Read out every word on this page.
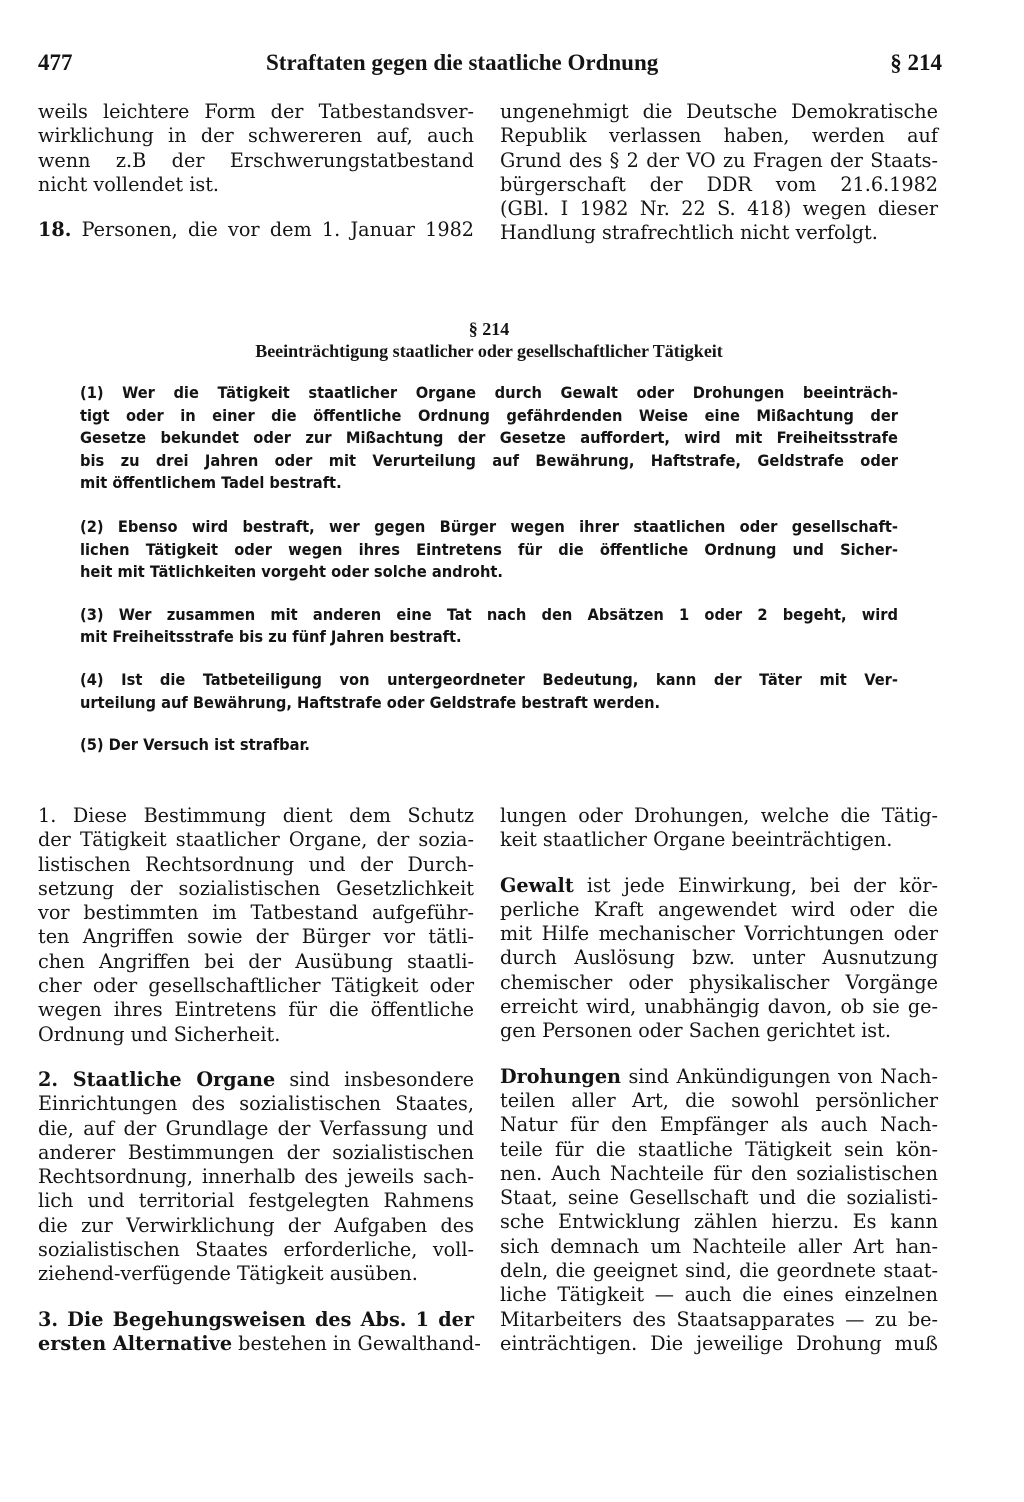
477	Straftaten gegen die staatliche Ordnung	§ 214

weils leichtere Form der Tatbestandsver-
wirklichung in der schwereren auf, auch
wenn z.B der Erschwerungstatbestand
nicht vollendet ist.

18. Personen, die vor dem 1. Januar 1982

ungenehmigt die Deutsche Demokratische
Republik verlassen haben, werden auf
Grund des § 2 der VO zu Fragen der Staats-
bürgerschaft der DDR vom 21.6.1982
(GBl. I 1982 Nr. 22 S. 418) wegen dieser
Handlung strafrechtlich nicht verfolgt.

§ 214
Beeinträchtigung staatlicher oder gesellschaftlicher Tätigkeit

(1) Wer die Tätigkeit staatlicher Organe durch Gewalt oder Drohungen beeinträch-
tigt oder in einer die öffentliche Ordnung gefährdenden Weise eine Mißachtung der
Gesetze bekundet oder zur Mißachtung der Gesetze auffordert, wird mit Freiheitsstrafe
bis zu drei Jahren oder mit Verurteilung auf Bewährung, Haftstrafe, Geldstrafe oder
mit öffentlichem Tadel bestraft.

(2) Ebenso wird bestraft, wer gegen Bürger wegen ihrer staatlichen oder gesellschaft-
lichen Tätigkeit oder wegen ihres Eintretens für die öffentliche Ordnung und Sicher-
heit mit Tätlichkeiten vorgeht oder solche androht.

(3) Wer zusammen mit anderen eine Tat nach den Absätzen 1 oder 2 begeht, wird
mit Freiheitsstrafe bis zu fünf Jahren bestraft.

(4) Ist die Tatbeteiligung von untergeordneter Bedeutung, kann der Täter mit Ver-
urteilung auf Bewährung, Haftstrafe oder Geldstrafe bestraft werden.

(5) Der Versuch ist strafbar.

1. Diese Bestimmung dient dem Schutz
der Tätigkeit staatlicher Organe, der sozia-
listischen Rechtsordnung und der Durch-
setzung der sozialistischen Gesetzlichkeit
vor bestimmten im Tatbestand aufgeführ-
ten Angriffen sowie der Bürger vor tätli-
chen Angriffen bei der Ausübung staatli-
cher oder gesellschaftlicher Tätigkeit oder
wegen ihres Eintretens für die öffentliche
Ordnung und Sicherheit.

2. Staatliche Organe sind insbesondere
Einrichtungen des sozialistischen Staates,
die, auf der Grundlage der Verfassung und
anderer Bestimmungen der sozialistischen
Rechtsordnung, innerhalb des jeweils sach-
lich und territorial festgelegten Rahmens
die zur Verwirklichung der Aufgaben des
sozialistischen Staates erforderliche, voll-
ziehend-verfügende Tätigkeit ausüben.

3. Die Begehungsweisen des Abs. 1 der
ersten Alternative bestehen in Gewalthand-

lungen oder Drohungen, welche die Tätig-
keit staatlicher Organe beeinträchtigen.

Gewalt ist jede Einwirkung, bei der kör-
perliche Kraft angewendet wird oder die
mit Hilfe mechanischer Vorrichtungen oder
durch Auslösung bzw. unter Ausnutzung
chemischer oder physikalischer Vorgänge
erreicht wird, unabhängig davon, ob sie ge-
gen Personen oder Sachen gerichtet ist.

Drohungen sind Ankündigungen von Nach-
teilen aller Art, die sowohl persönlicher
Natur für den Empfänger als auch Nach-
teile für die staatliche Tätigkeit sein kön-
nen. Auch Nachteile für den sozialistischen
Staat, seine Gesellschaft und die sozialisti-
sche Entwicklung zählen hierzu. Es kann
sich demnach um Nachteile aller Art han-
deln, die geeignet sind, die geordnete staat-
liche Tätigkeit — auch die eines einzelnen
Mitarbeiters des Staatsapparates — zu be-
einträchtigen. Die jeweilige Drohung muß
